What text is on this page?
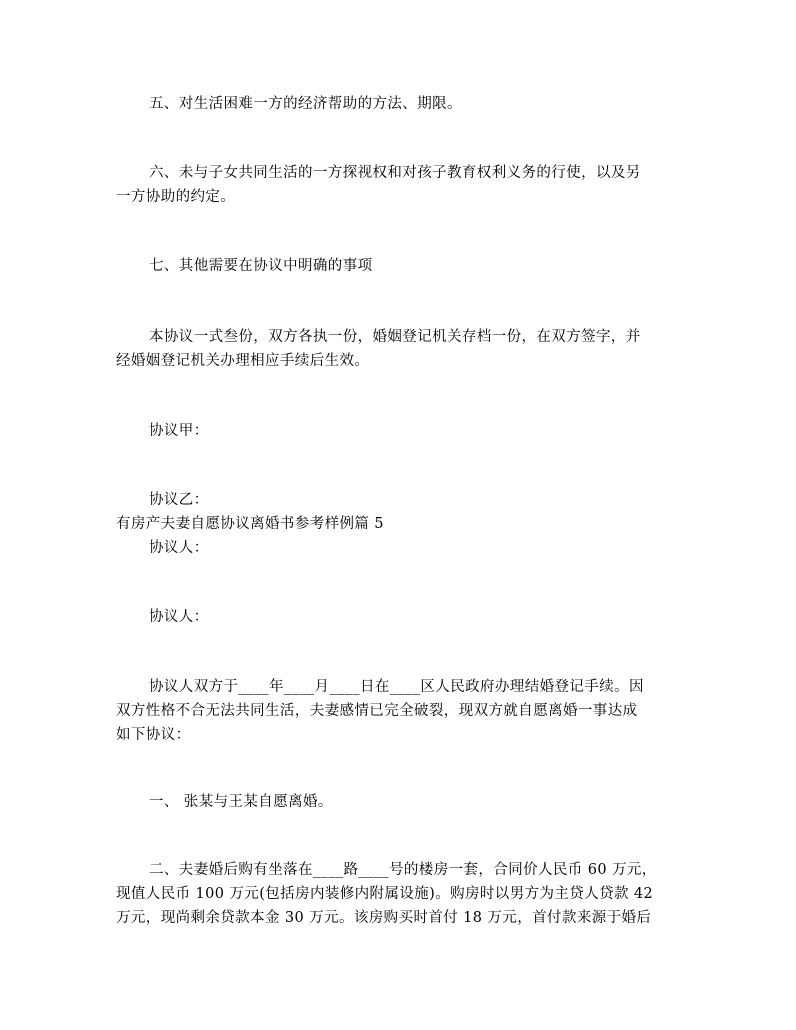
五、对生活困难一方的经济帮助的方法、期限。
六、未与子女共同生活的一方探视权和对孩子教育权利义务的行使，以及另
一方协助的约定。
七、其他需要在协议中明确的事项
本协议一式叁份，双方各执一份，婚姻登记机关存档一份，在双方签字，并
经婚姻登记机关办理相应手续后生效。
协议甲：
协议乙：
有房产夫妻自愿协议离婚书参考样例篇 5
协议人：
协议人：
协议人双方于____年____月____日在____区人民政府办理结婚登记手续。因
双方性格不合无法共同生活，夫妻感情已完全破裂，现双方就自愿离婚一事达成
如下协议：
一、 张某与王某自愿离婚。
二、夫妻婚后购有坐落在____路____号的楼房一套，合同价人民币 60 万元，
现值人民币 100 万元(包括房内装修内附属设施)。购房时以男方为主贷人贷款 42
万元，现尚剩余贷款本金 30 万元。该房购买时首付 18 万元，首付款来源于婚后
